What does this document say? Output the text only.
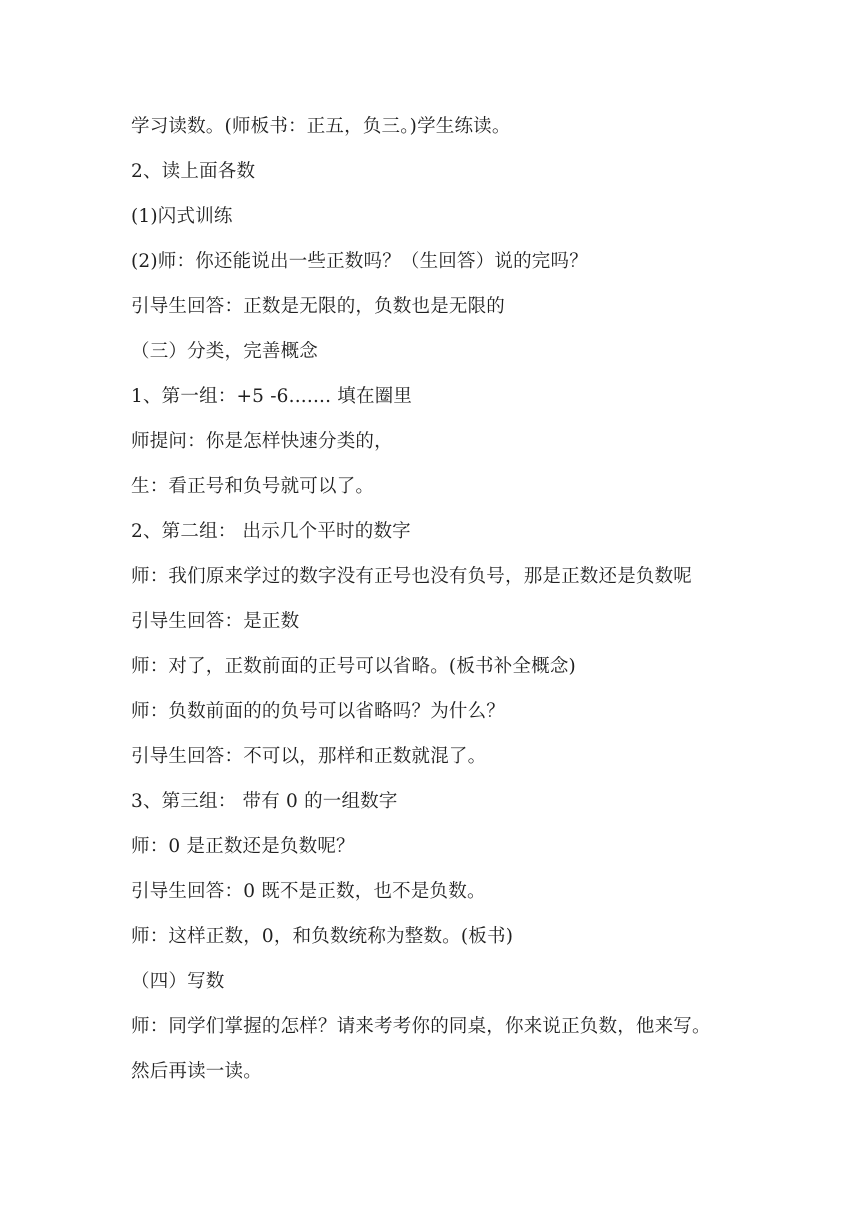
学习读数。(师板书：正五，负三。)学生练读。
2、读上面各数
(1)闪式训练
(2)师：你还能说出一些正数吗？（生回答）说的完吗？
引导生回答：正数是无限的，负数也是无限的
（三）分类，完善概念
1、第一组：+5 -6....... 填在圈里
师提问：你是怎样快速分类的，
生：看正号和负号就可以了。
2、第二组： 出示几个平时的数字
师：我们原来学过的数字没有正号也没有负号，那是正数还是负数呢
引导生回答：是正数
师：对了，正数前面的正号可以省略。(板书补全概念)
师：负数前面的的负号可以省略吗？为什么？
引导生回答：不可以，那样和正数就混了。
3、第三组： 带有 0 的一组数字
师：0 是正数还是负数呢？
引导生回答：0 既不是正数，也不是负数。
师：这样正数，0，和负数统称为整数。(板书)
（四）写数
师：同学们掌握的怎样？请来考考你的同桌，你来说正负数，他来写。
然后再读一读。
